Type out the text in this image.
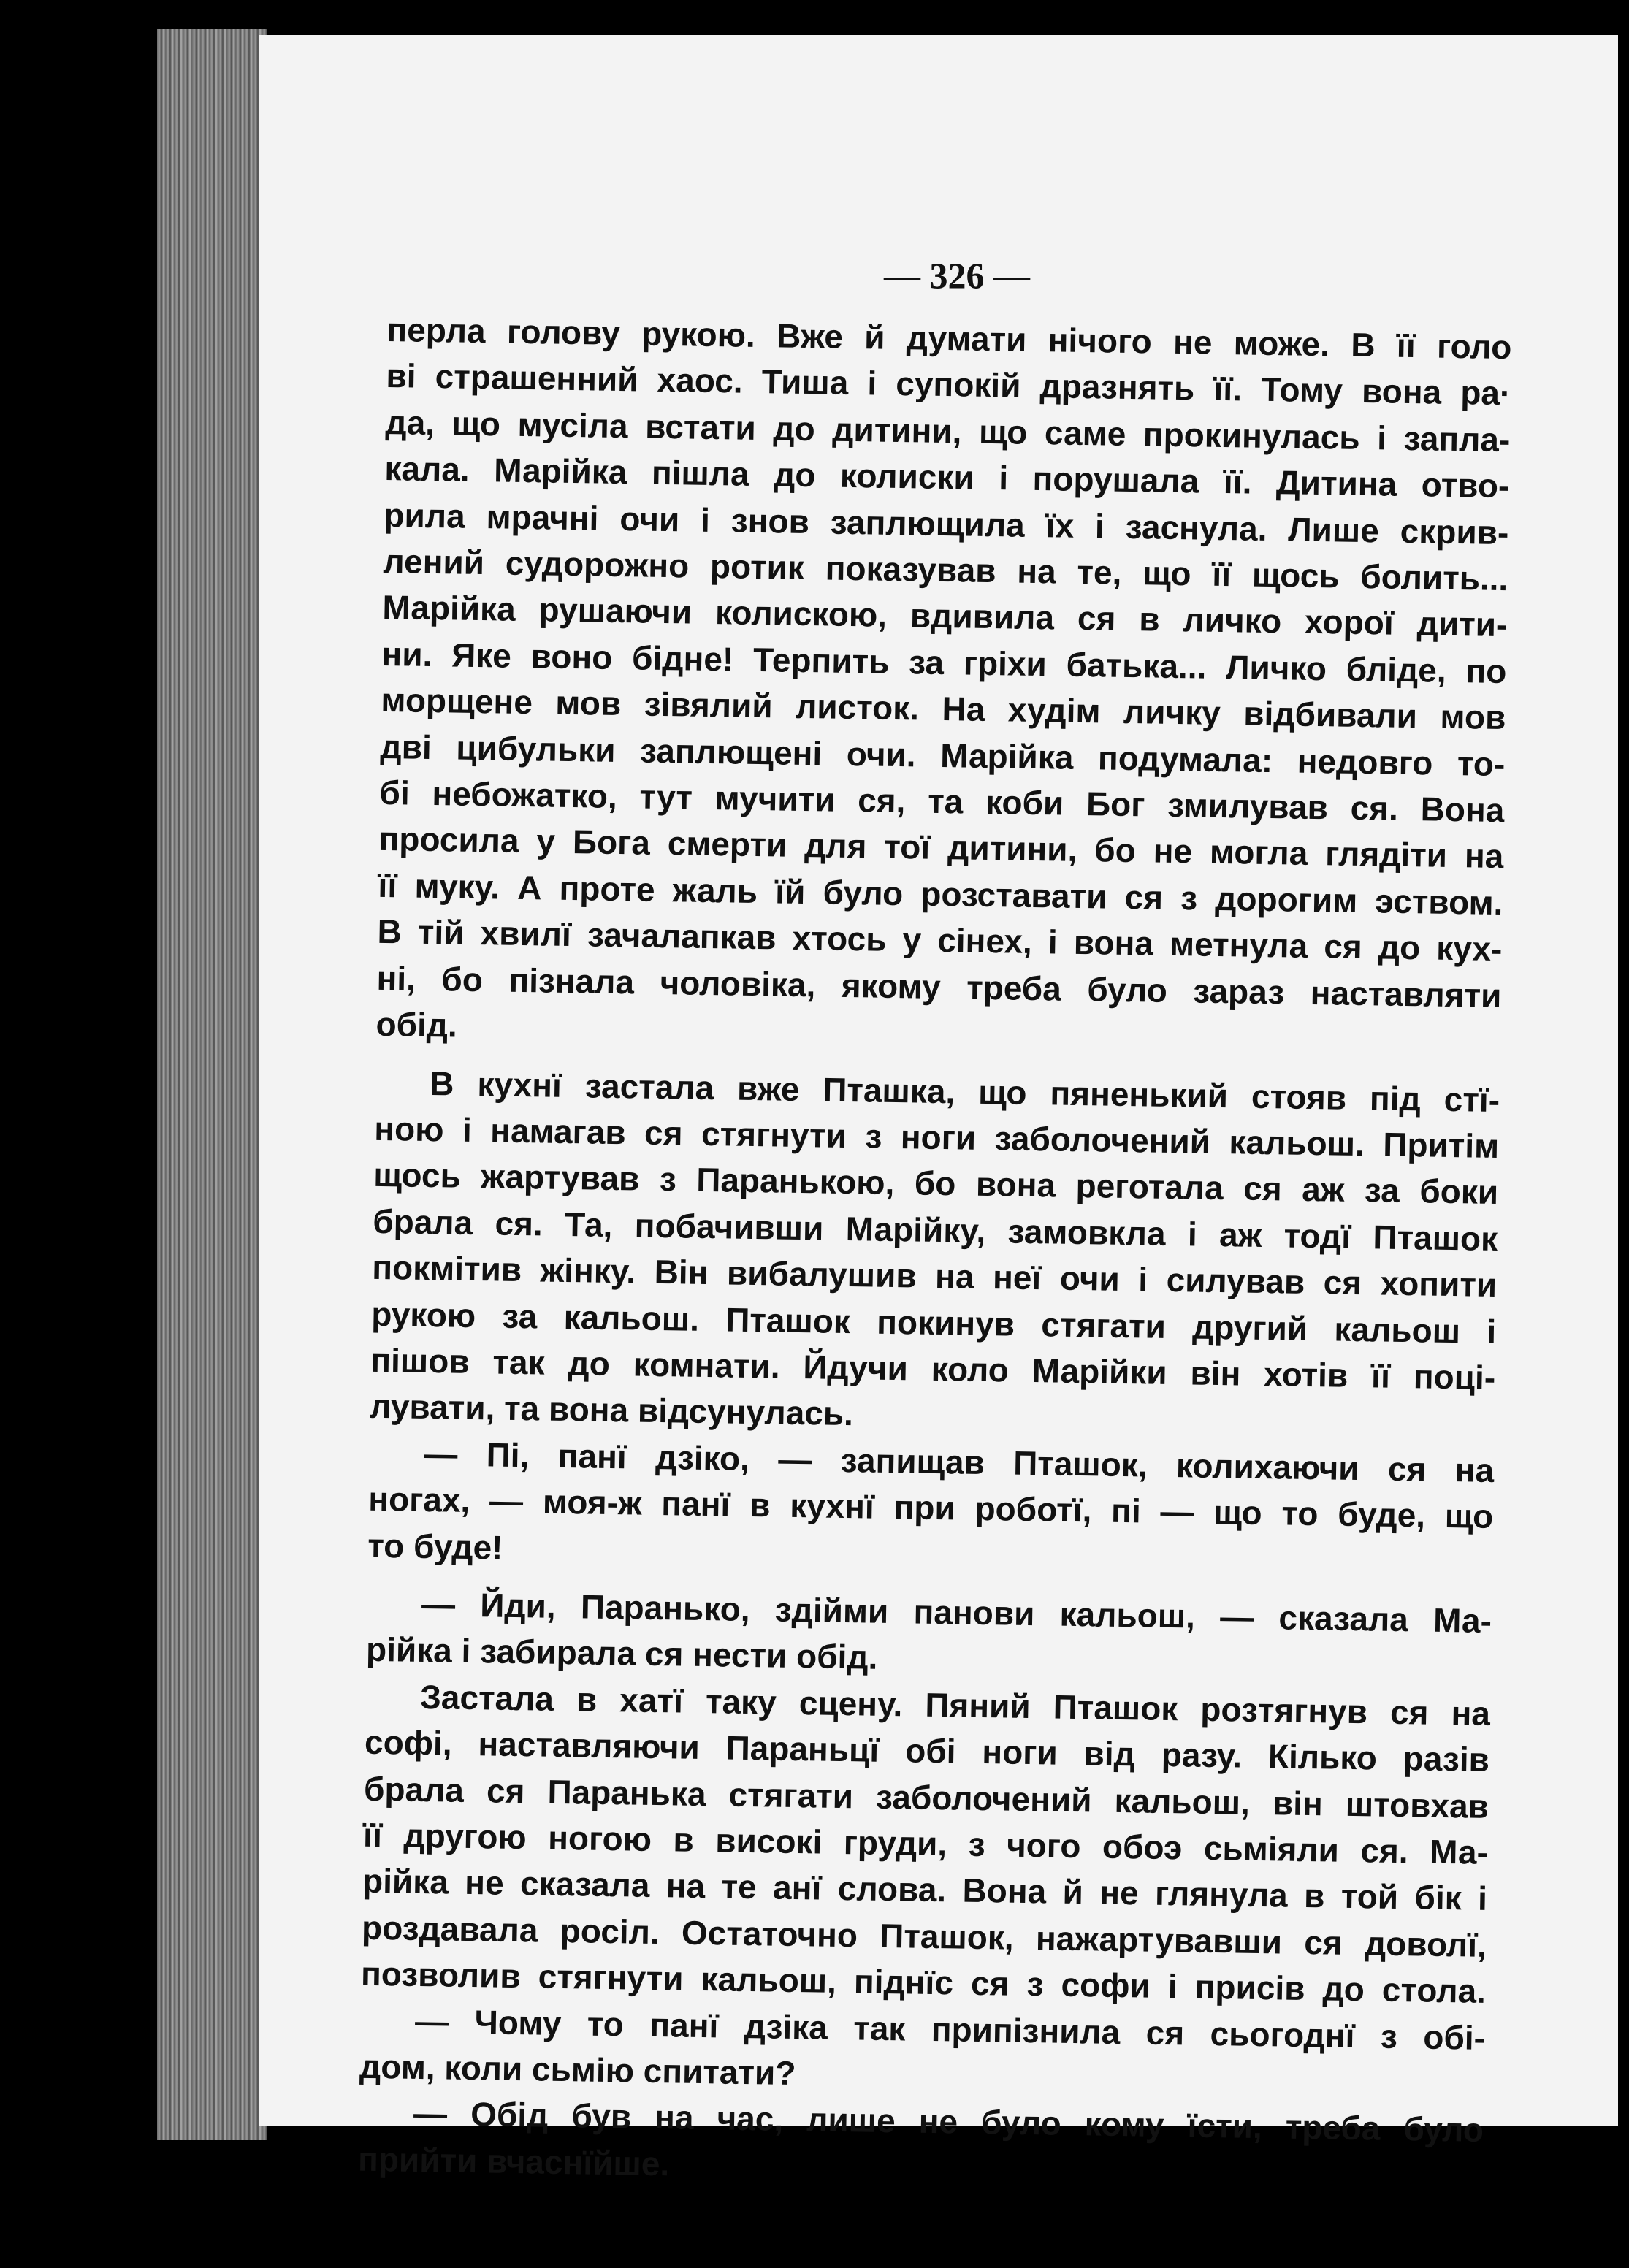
— 326 —
перла голову рукою. Вже й думати нічого не може. В її голо
ві страшенний хаос. Тиша і супокій дразнять її. Тому вона ра·
да, що мусіла встати до дитини, що саме прокинулась і запла-
кала. Марійка пішла до колиски і порушала її. Дитина отво-
рила мрачні очи і знов заплющила їх і заснула. Лише скрив-
лений судорожно ротик показував на те, що її щось болить...
Марійка рушаючи колискою, вдивила ся в личко хорої дити-
ни. Яке воно бідне! Терпить за гріхи батька... Личко бліде, по
морщене мов зівялий листок. На худім личку відбивали мов
дві цибульки заплющені очи. Марійка подумала: недовго то-
бі небожатко, тут мучити ся, та коби Бог змилував ся. Вона
просила у Бога смерти для тої дитини, бо не могла глядіти на
її муку. А проте жаль їй було розставати ся з дорогим эством.
В тій хвилї зачалапкав хтось у сінех, і вона метнула ся до кух-
ні, бо пізнала чоловіка, якому треба було зараз наставляти
обід.
В кухнї застала вже Пташка, що пяненький стояв під стї-
ною і намагав ся стягнути з ноги заболочений кальош. Притім
щось жартував з Паранькою, бо вона реготала ся аж за боки
брала ся. Та, побачивши Марійку, замовкла і аж тодї Пташок
покмітив жінку. Він вибалушив на неї очи і силував ся хопити
рукою за кальош. Пташок покинув стягати другий кальош і
пішов так до комнати. Йдучи коло Марійки він хотів її поці-
лувати, та вона відсунулась.
— Пі, панї дзіко, — запищав Пташок, колихаючи ся на
ногах, — моя-ж панї в кухнї при роботї, пі — що то буде, що
то буде!
— Йди, Паранько, здійми панови кальош, — сказала Ма-
рійка і забирала ся нести обід.
Застала в хатї таку сцену. Пяний Пташок розтягнув ся на
софі, наставляючи Параньцї обі ноги від разу. Кілько разів
брала ся Паранька стягати заболочений кальош, він штовхав
її другою ногою в високі груди, з чого обоэ сьміяли ся. Ма-
рійка не сказала на те анї слова. Вона й не глянула в той бік і
роздавала росіл. Остаточно Пташок, нажартувавши ся доволї,
позволив стягнути кальош, піднїс ся з софи і присів до стола.
— Чому то панї дзіка так припізнила ся сьогоднї з обі-
дом, коли сьмію спитати?
— Обід був на час, лише не було кому їсти, треба було
прийти вчаснїйше.
